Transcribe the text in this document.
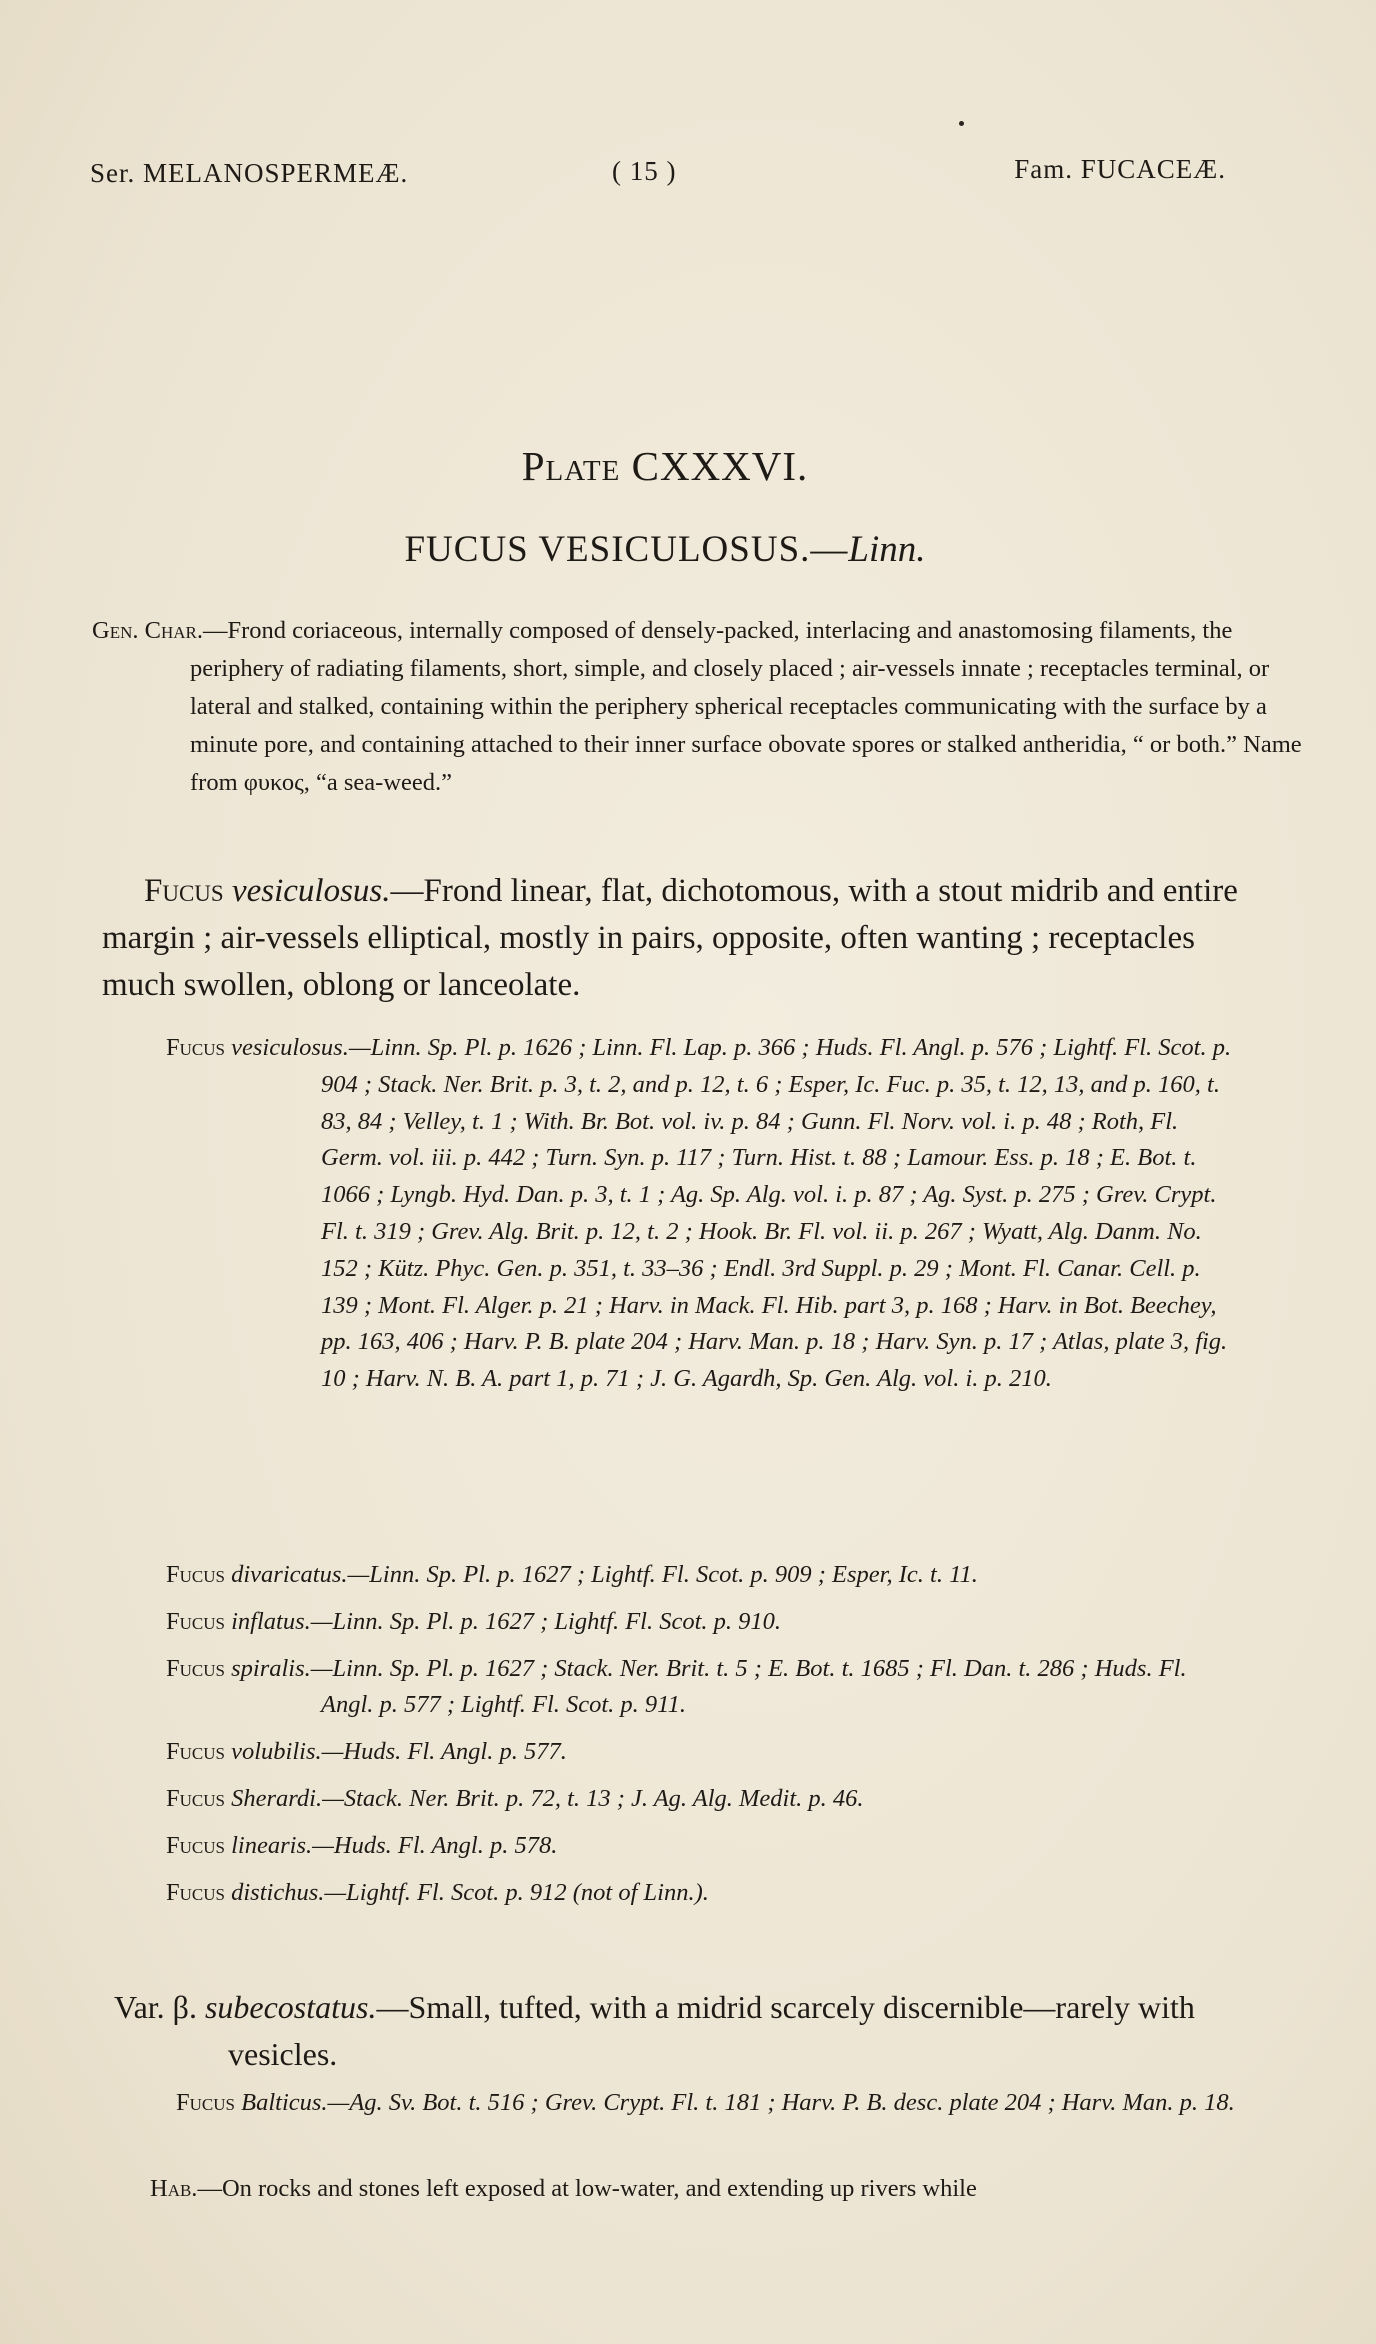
Ser. MELANOSPERMEÆ.	( 15 )	Fam. FUCACEÆ.
Plate CXXXVI.
FUCUS VESICULOSUS.—Linn.
Gen. Char.—Frond coriaceous, internally composed of densely-packed, interlacing and anastomosing filaments, the periphery of radiating filaments, short, simple, and closely placed ; air-vessels innate ; receptacles terminal, or lateral and stalked, containing within the periphery spherical receptacles communicating with the surface by a minute pore, and containing attached to their inner surface obovate spores or stalked antheridia, “ or both.” Name from φυκος, “a sea-weed.”
Fucus vesiculosus.—Frond linear, flat, dichotomous, with a stout midrib and entire margin ; air-vessels elliptical, mostly in pairs, opposite, often wanting ; receptacles much swollen, oblong or lanceolate.

Fucus vesiculosus.—Linn. Sp. Pl. p. 1626 ; Linn. Fl. Lap. p. 366 ; Huds. Fl. Angl. p. 576 ; Lightf. Fl. Scot. p. 904 ; Stack. Ner. Brit. p. 3, t. 2, and p. 12, t. 6 ; Esper, Ic. Fuc. p. 35, t. 12, 13, and p. 160, t. 83, 84 ; Velley, t. 1 ; With. Br. Bot. vol. iv. p. 84 ; Gunn. Fl. Norv. vol. i. p. 48 ; Roth, Fl. Germ. vol. iii. p. 442 ; Turn. Syn. p. 117 ; Turn. Hist. t. 88 ; Lamour. Ess. p. 18 ; E. Bot. t. 1066 ; Lyngb. Hyd. Dan. p. 3, t. 1 ; Ag. Sp. Alg. vol. i. p. 87 ; Ag. Syst. p. 275 ; Grev. Crypt. Fl. t. 319 ; Grev. Alg. Brit. p. 12, t. 2 ; Hook. Br. Fl. vol. ii. p. 267 ; Wyatt, Alg. Danm. No. 152 ; Kütz. Phyc. Gen. p. 351, t. 33–36 ; Endl. 3rd Suppl. p. 29 ; Mont. Fl. Canar. Cell. p. 139 ; Mont. Fl. Alger. p. 21 ; Harv. in Mack. Fl. Hib. part 3, p. 168 ; Harv. in Bot. Beechey, pp. 163, 406 ; Harv. P. B. plate 204 ; Harv. Man. p. 18 ; Harv. Syn. p. 17 ; Atlas, plate 3, fig. 10 ; Harv. N. B. A. part 1, p. 71 ; J. G. Agardh, Sp. Gen. Alg. vol. i. p. 210.

Fucus divaricatus.—Linn. Sp. Pl. p. 1627 ; Lightf. Fl. Scot. p. 909 ; Esper, Ic. t. 11.

Fucus inflatus.—Linn. Sp. Pl. p. 1627 ; Lightf. Fl. Scot. p. 910.

Fucus spiralis.—Linn. Sp. Pl. p. 1627 ; Stack. Ner. Brit. t. 5 ; E. Bot. t. 1685 ; Fl. Dan. t. 286 ; Huds. Fl. Angl. p. 577 ; Lightf. Fl. Scot. p. 911.

Fucus volubilis.—Huds. Fl. Angl. p. 577.

Fucus Sherardi.—Stack. Ner. Brit. p. 72, t. 13 ; J. Ag. Alg. Medit. p. 46.

Fucus linearis.—Huds. Fl. Angl. p. 578.

Fucus distichus.—Lightf. Fl. Scot. p. 912 (not of Linn.).

Var. β. subecostatus.—Small, tufted, with a midrid scarcely discernible—rarely with vesicles.
Fucus Balticus.—Ag. Sv. Bot. t. 516 ; Grev. Crypt. Fl. t. 181 ; Harv. P. B. desc. plate 204 ; Harv. Man. p. 18.
Hab.—On rocks and stones left exposed at low-water, and extending up rivers while
